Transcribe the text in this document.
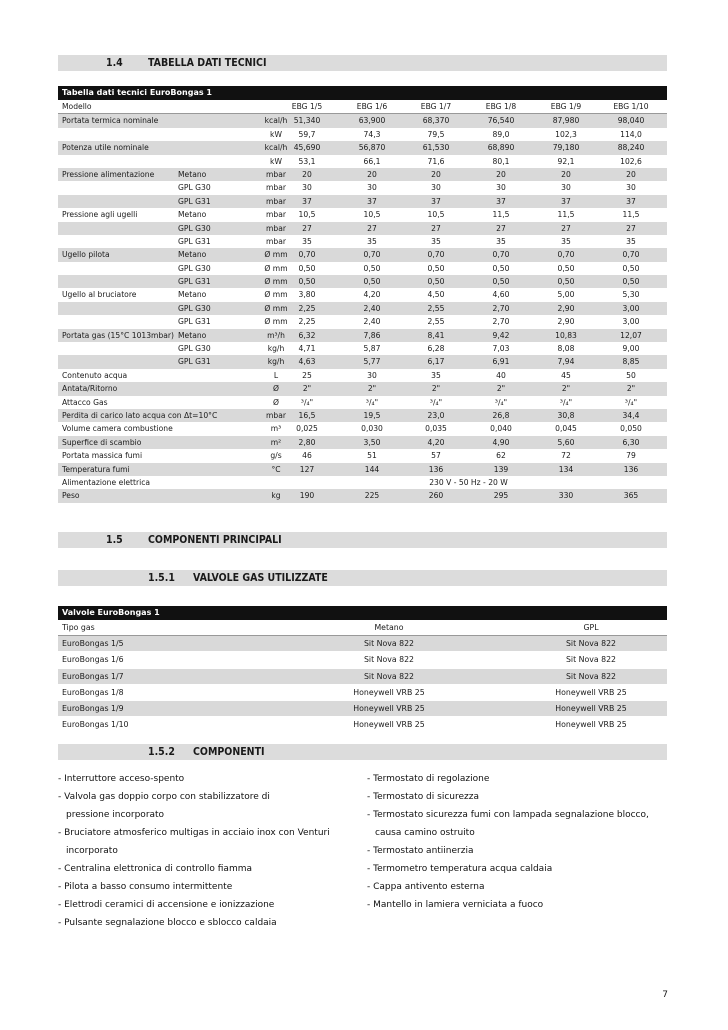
1.4 TABELLA DATI TECNICI
Tabella dati tecnici EuroBongas 1
Modello	EBG 1/5	EBG 1/6	EBG 1/7	EBG 1/8	EBG 1/9	EBG 1/10
Portata termica nominale	kcal/h 51,340	63,900	68,370	76,540	87,980	98,040
kW	59,7	74,3	79,5	89,0	102,3	114,0
Potenza utile nominale	kcal/h 45,690	56,870	61,530	68,890	79,180	88,240
kW	53,1	66,1	71,6	80,1	92,1	102,6
Pressione alimentazione	Metano	mbar	20	20	20	20	20	20
GPL G30	mbar	30	30	30	30	30	30
GPL G31	mbar	37	37	37	37	37	37
Pressione agli ugelli	Metano	mbar	10,5	10,5	10,5	11,5	11,5	11,5
GPL G30	mbar	27	27	27	27	27	27
GPL G31	mbar	35	35	35	35	35	35
Ugello pilota	Metano	Ø mm	0,70	0,70	0,70	0,70	0,70	0,70
GPL G30	Ø mm	0,50	0,50	0,50	0,50	0,50	0,50
GPL G31	Ø mm	0,50	0,50	0,50	0,50	0,50	0,50
Ugello al bruciatore	Metano	Ø mm	3,80	4,20	4,50	4,60	5,00	5,30
GPL G30	Ø mm	2,25	2,40	2,55	2,70	2,90	3,00
GPL G31	Ø mm	2,25	2,40	2,55	2,70	2,90	3,00
Portata gas (15°C 1013mbar) Metano	m³/h	6,32	7,86	8,41	9,42	10,83	12,07
GPL G30	kg/h	4,71	5,87	6,28	7,03	8,08	9,00
GPL G31	kg/h	4,63	5,77	6,17	6,91	7,94	8,85
Contenuto acqua	L	25	30	35	40	45	50
Antata/Ritorno	Ø	2"	2"	2"	2"	2"	2"
Attacco Gas	Ø	³/₄"	³/₄"	³/₄"	³/₄"	³/₄"	³/₄"
Perdita di carico lato acqua con Δt=10°C	mbar	16,5	19,5	23,0	26,8	30,8	34,4
Volume camera combustione	m³	0,025	0,030	0,035	0,040	0,045	0,050
Superfice di scambio	m²	2,80	3,50	4,20	4,90	5,60	6,30
Portata massica fumi	g/s	46	51	57	62	72	79
Temperatura fumi	°C	127	144	136	139	134	136
Alimentazione elettrica	230 V - 50 Hz - 20 W
Peso	kg	190	225	260	295	330	365
1.5 COMPONENTI PRINCIPALI
1.5.1 VALVOLE GAS UTILIZZATE
Valvole EuroBongas 1
Tipo gas	Metano	GPL
EuroBongas 1/5	Sit Nova 822	Sit Nova 822
EuroBongas 1/6	Sit Nova 822	Sit Nova 822
EuroBongas 1/7	Sit Nova 822	Sit Nova 822
EuroBongas 1/8	Honeywell VRB 25	Honeywell VRB 25
EuroBongas 1/9	Honeywell VRB 25	Honeywell VRB 25
EuroBongas 1/10	Honeywell VRB 25	Honeywell VRB 25
1.5.2 COMPONENTI
- Interruttore acceso-spento
- Valvola gas doppio corpo con stabilizzatore di
pressione incorporato
- Bruciatore atmosferico multigas in acciaio inox con Venturi
incorporato
- Centralina elettronica di controllo fiamma
- Pilota a basso consumo intermittente
- Elettrodi ceramici di accensione e ionizzazione
- Pulsante segnalazione blocco e sblocco caldaia
- Termostato di regolazione
- Termostato di sicurezza
- Termostato sicurezza fumi con lampada segnalazione blocco,
causa camino ostruito
- Termostato antiinerzia
- Termometro temperatura acqua caldaia
- Cappa antivento esterna
- Mantello in lamiera verniciata a fuoco
7
